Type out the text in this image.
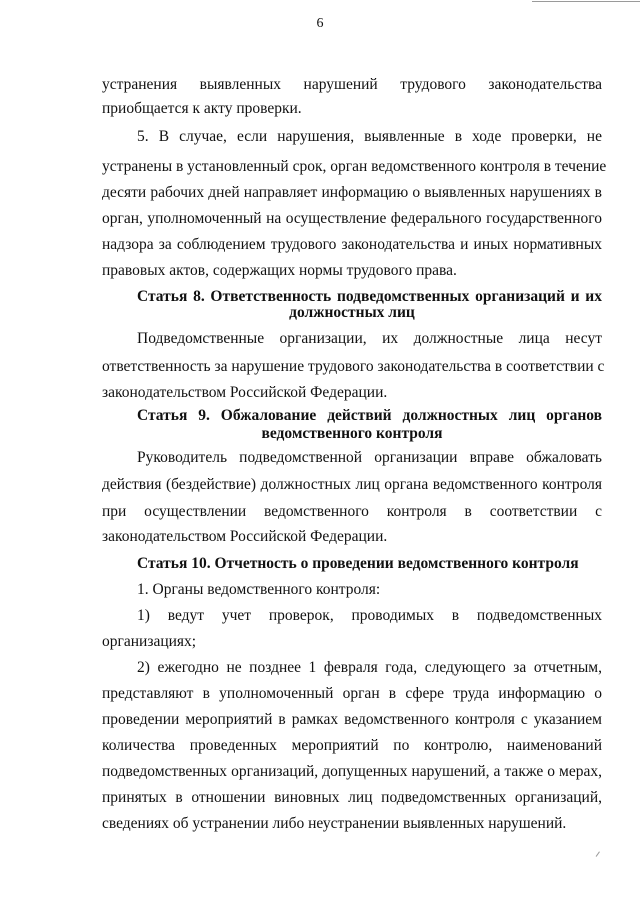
6
устранения выявленных нарушений трудового законодательства
приобщается к акту проверки.
5. В случае, если нарушения, выявленные в ходе проверки, не
устранены в установленный срок, орган ведомственного контроля в течение
десяти рабочих дней направляет информацию о выявленных нарушениях в
орган, уполномоченный на осуществление федерального государственного
надзора за соблюдением трудового законодательства и иных нормативных
правовых актов, содержащих нормы трудового права.
Статья 8. Ответственность подведомственных организаций и их
должностных лиц
Подведомственные организации, их должностные лица несут
ответственность за нарушение трудового законодательства в соответствии с
законодательством Российской Федерации.
Статья 9. Обжалование действий должностных лиц органов
ведомственного контроля
Руководитель подведомственной организации вправе обжаловать
действия (бездействие) должностных лиц органа ведомственного контроля
при осуществлении ведомственного контроля в соответствии с
законодательством Российской Федерации.
Статья 10. Отчетность о проведении ведомственного контроля
1. Органы ведомственного контроля:
1) ведут учет проверок, проводимых в подведомственных
организациях;
2) ежегодно не позднее 1 февраля года, следующего за отчетным,
представляют в уполномоченный орган в сфере труда информацию о
проведении мероприятий в рамках ведомственного контроля с указанием
количества проведенных мероприятий по контролю, наименований
подведомственных организаций, допущенных нарушений, а также о мерах,
принятых в отношении виновных лиц подведомственных организаций,
сведениях об устранении либо неустранении выявленных нарушений.
